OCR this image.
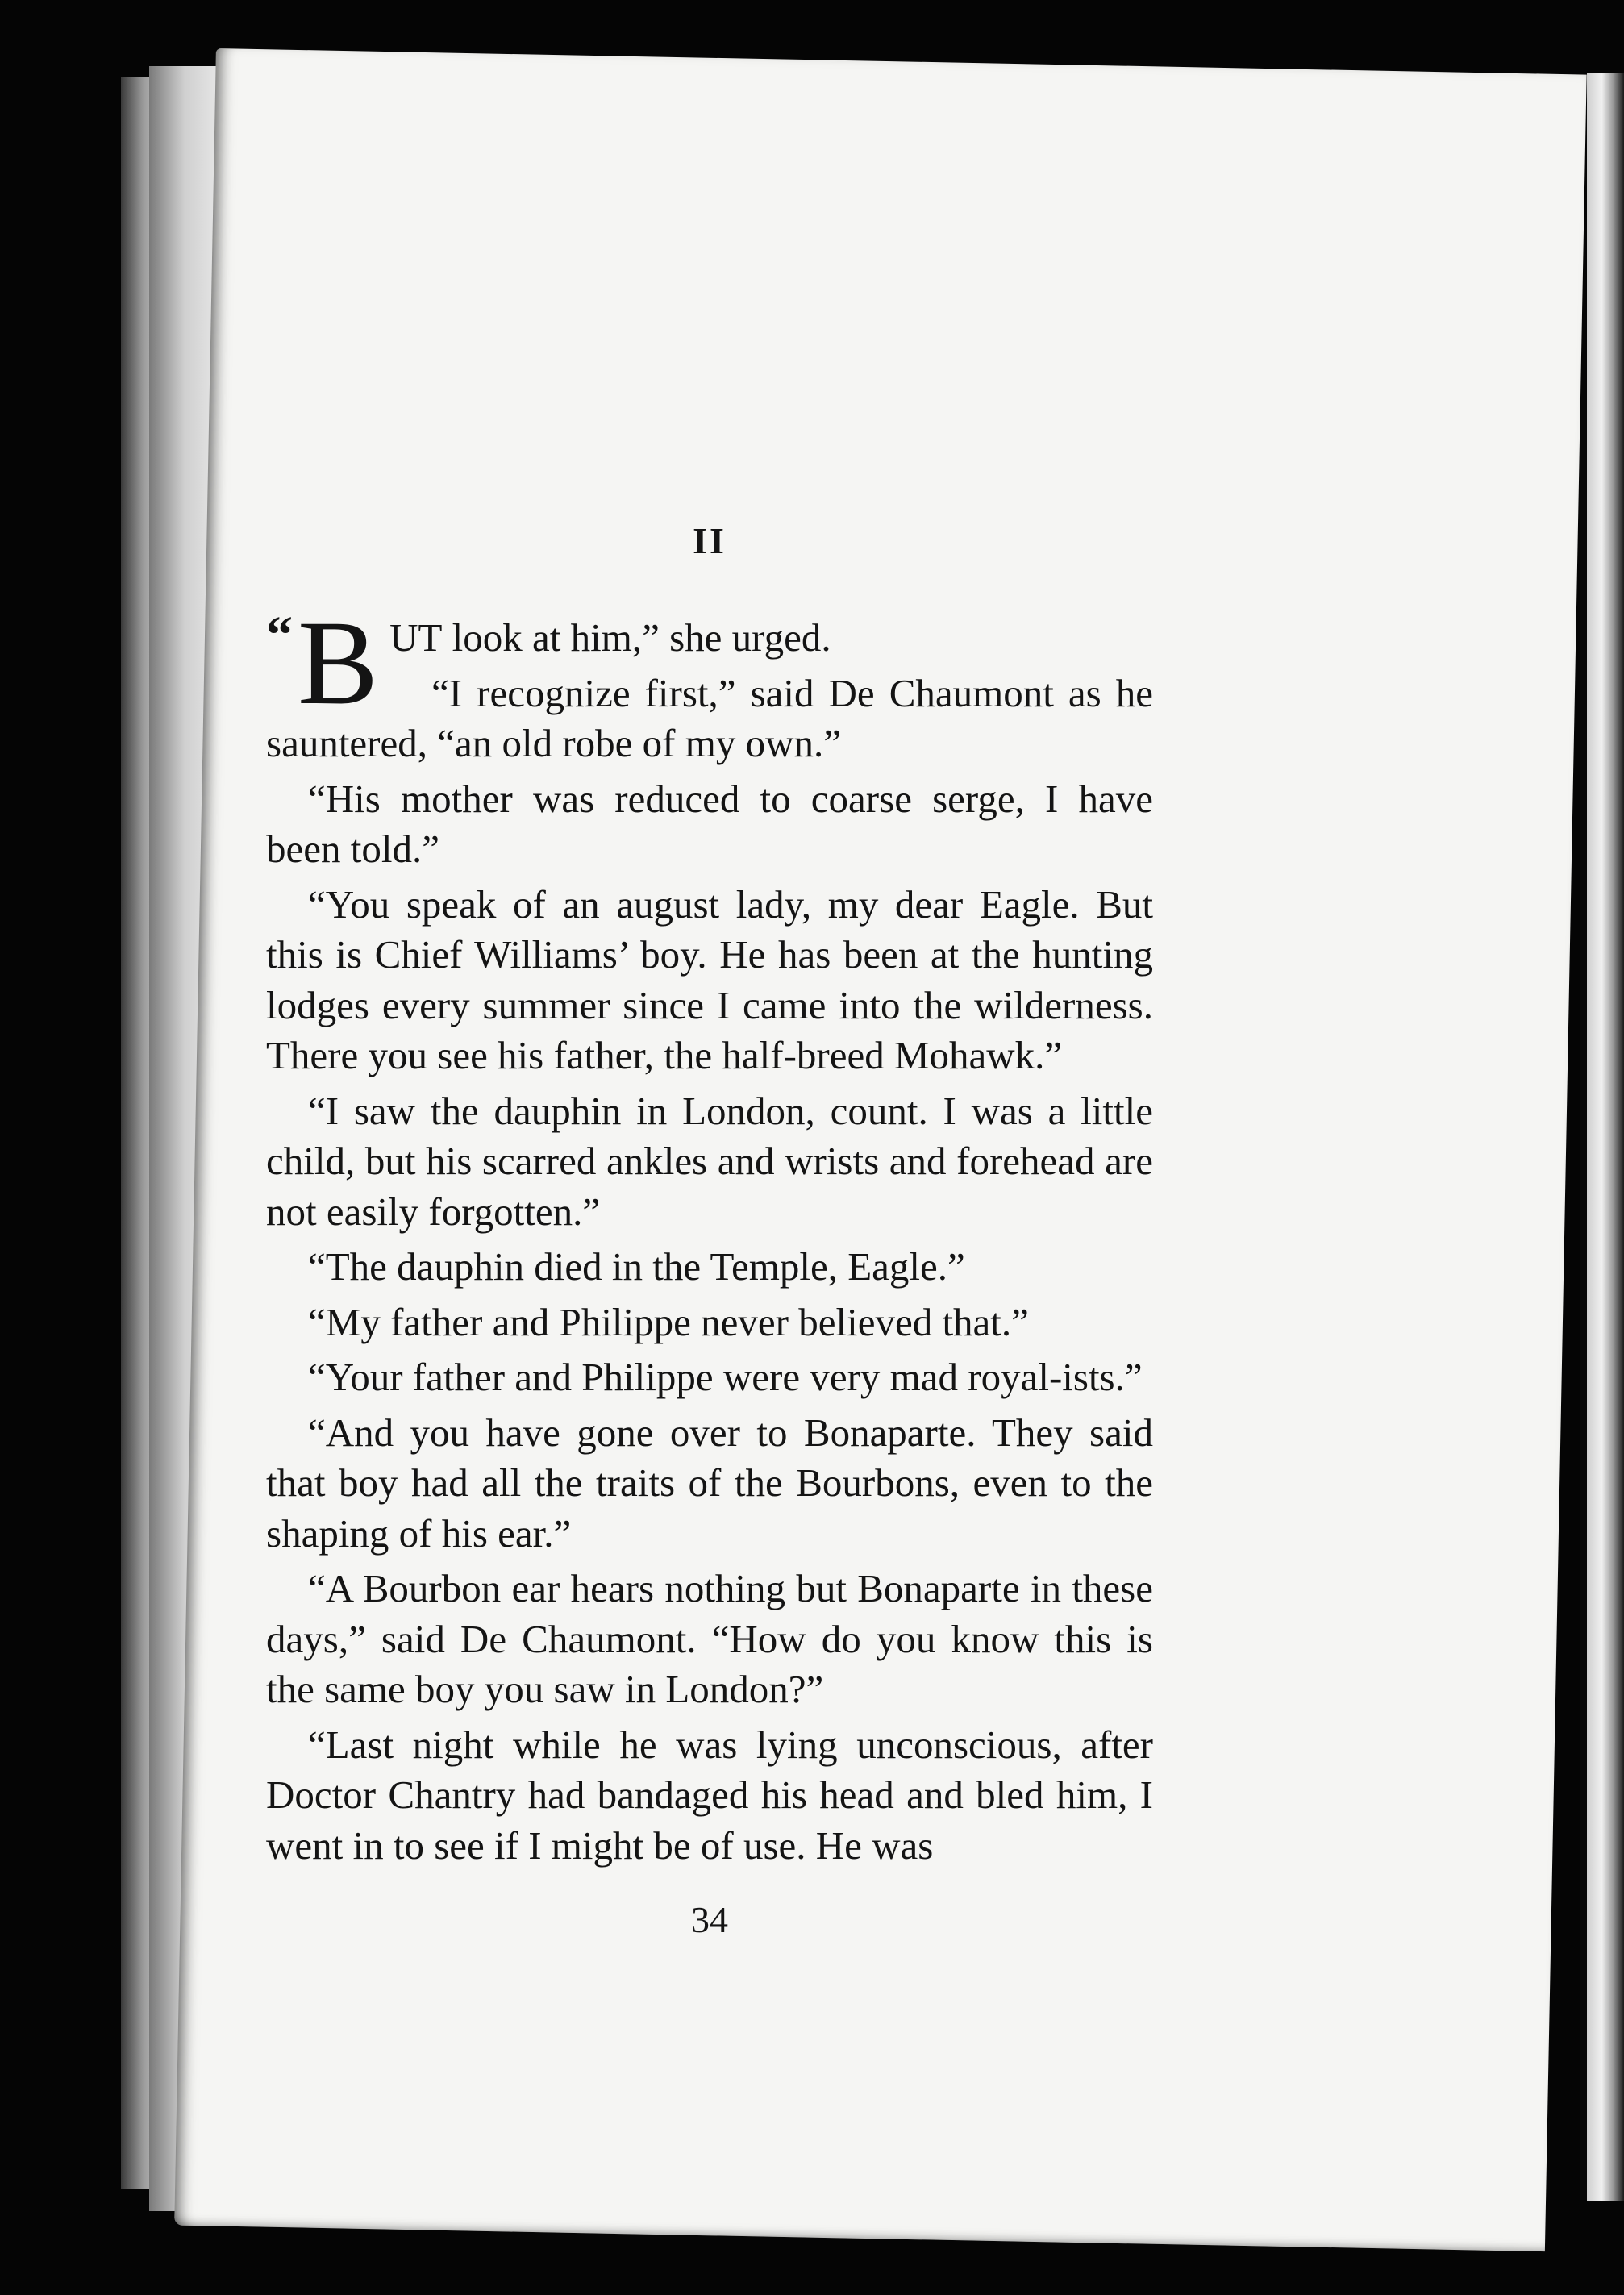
II

“ B UT look at him,” she urged.

“I recognize first,” said De Chaumont as he sauntered, “an old robe of my own.”

“His mother was reduced to coarse serge, I have been told.”

“You speak of an august lady, my dear Eagle. But this is Chief Williams’ boy. He has been at the hunting lodges every summer since I came into the wilderness. There you see his father, the half-breed Mohawk.”

“I saw the dauphin in London, count. I was a little child, but his scarred ankles and wrists and forehead are not easily forgotten.”

“The dauphin died in the Temple, Eagle.”

“My father and Philippe never believed that.”

“Your father and Philippe were very mad royal-ists.”

“And you have gone over to Bonaparte. They said that boy had all the traits of the Bourbons, even to the shaping of his ear.”

“A Bourbon ear hears nothing but Bonaparte in these days,” said De Chaumont. “How do you know this is the same boy you saw in London?”

“Last night while he was lying unconscious, after Doctor Chantry had bandaged his head and bled him, I went in to see if I might be of use. He was

34
